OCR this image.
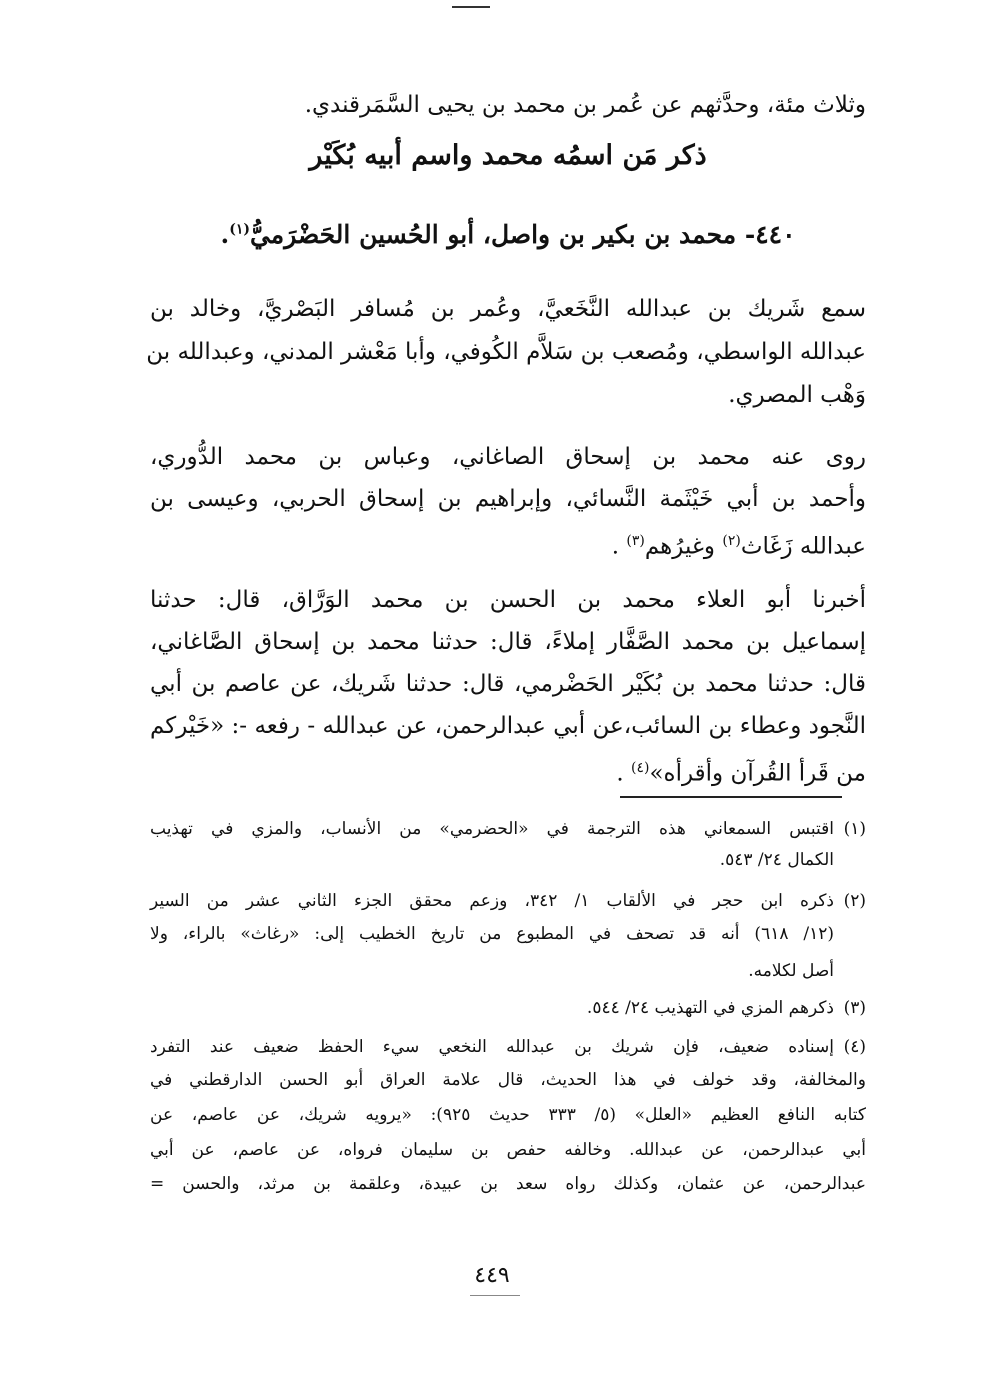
وثلاث مئة، وحدَّثهم عن عُمر بن محمد بن يحيى السَّمَرقندي.
ذكر مَن اسمُه محمد واسم أبيه بُكَيْر
٤٤٠- محمد بن بكير بن واصل، أبو الحُسين الحَضْرَميُّ$^{(١)}$.
سمع شَريك بن عبدالله النَّخَعيَّ، وعُمر بن مُسافر البَصْريَّ، وخالد بن
عبدالله الواسطي، ومُصعب بن سَلاَّم الكُوفي، وأبا مَعْشر المدني، وعبدالله بن
وَهْب المصري.
روى عنه محمد بن إسحاق الصاغاني، وعباس بن محمد الدُّوري،
وأحمد بن أبي خَيْثَمة النَّسائي، وإبراهيم بن إسحاق الحربي، وعيسى بن
عبدالله زَغَاث$^{(٢)}$ وغيرُهم$^{(٣)}$ .
أخبرنا أبو العلاء محمد بن الحسن بن محمد الوَرَّاق، قال: حدثنا
إسماعيل بن محمد الصَّفَّار إملاءً، قال: حدثنا محمد بن إسحاق الصَّاغاني،
قال: حدثنا محمد بن بُكَيْر الحَضْرمي، قال: حدثنا شَريك، عن عاصم بن أبي
النَّجود وعطاء بن السائب،عن أبي عبدالرحمن، عن عبدالله - رفعه -: «خَيْركم
من قَرأ القُرآن وأقرأه»$^{(٤)}$ .
(١)
اقتبس السمعاني هذه الترجمة في «الحضرمي» من الأنساب، والمزي في تهذيب
الكمال ٢٤/ ٥٤٣.
(٢)
ذكره ابن حجر في الألقاب ١/ ٣٤٢، وزعم محقق الجزء الثاني عشر من السير
(١٢/ ٦١٨) أنه قد تصحف في المطبوع من تاريخ الخطيب إلى: «رغاث» بالراء، ولا
أصل لكلامه.
(٣)
ذكرهم المزي في التهذيب ٢٤/ ٥٤٤.
(٤)
إسناده ضعيف، فإن شريك بن عبدالله النخعي سيء الحفظ ضعيف عند التفرد
والمخالفة، وقد خولف في هذا الحديث، قال علامة العراق أبو الحسن الدارقطني في
كتابه النافع العظيم «العلل» (٥/ ٣٣٣ حديث ٩٢٥): «يرويه شريك، عن عاصم، عن
أبي عبدالرحمن، عن عبدالله. وخالفه حفص بن سليمان فرواه، عن عاصم، عن أبي
عبدالرحمن، عن عثمان، وكذلك رواه سعد بن عبيدة، وعلقمة بن مرثد، والحسن =
٤٤٩
